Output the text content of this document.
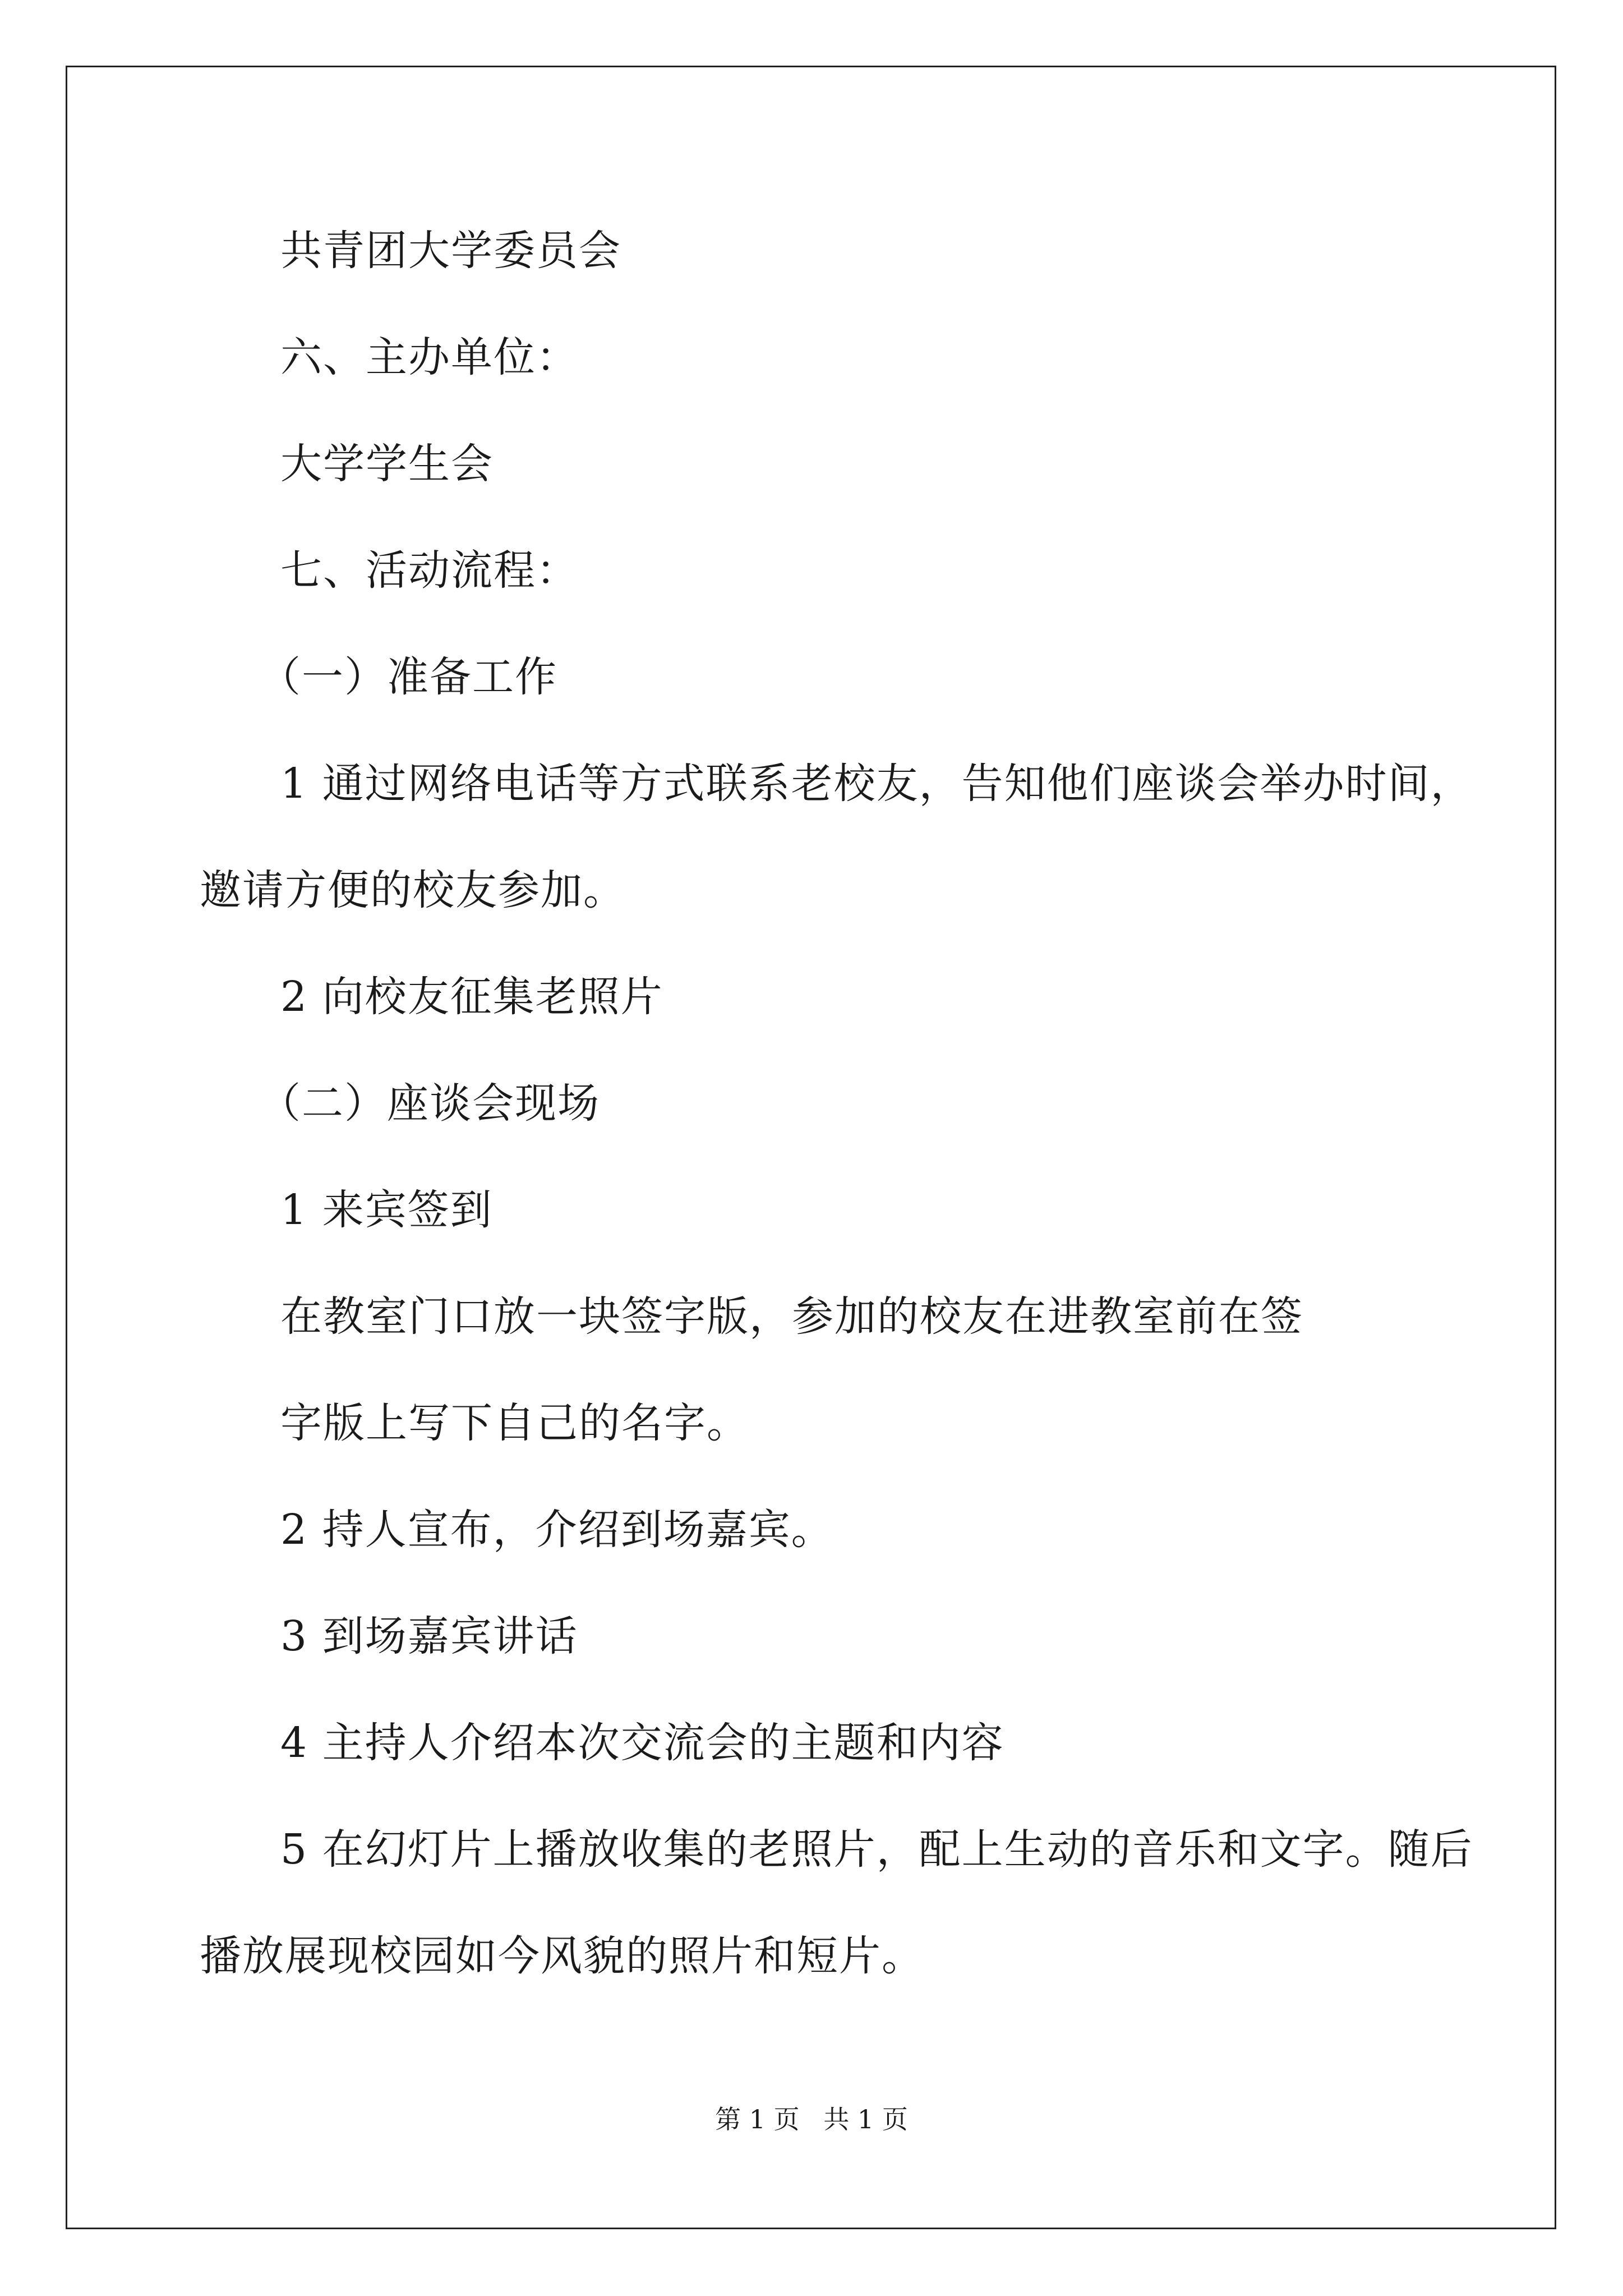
共青团大学委员会
六、主办单位：
大学学生会
七、活动流程：
（一）准备工作
1 通过网络电话等方式联系老校友，告知他们座谈会举办时间，
邀请方便的校友参加。
2 向校友征集老照片
（二）座谈会现场
1 来宾签到
在教室门口放一块签字版，参加的校友在进教室前在签
字版上写下自己的名字。
2 持人宣布，介绍到场嘉宾。
3 到场嘉宾讲话
4 主持人介绍本次交流会的主题和内容
5 在幻灯片上播放收集的老照片，配上生动的音乐和文字。随后
播放展现校园如今风貌的照片和短片。
第 1 页 共 1 页
